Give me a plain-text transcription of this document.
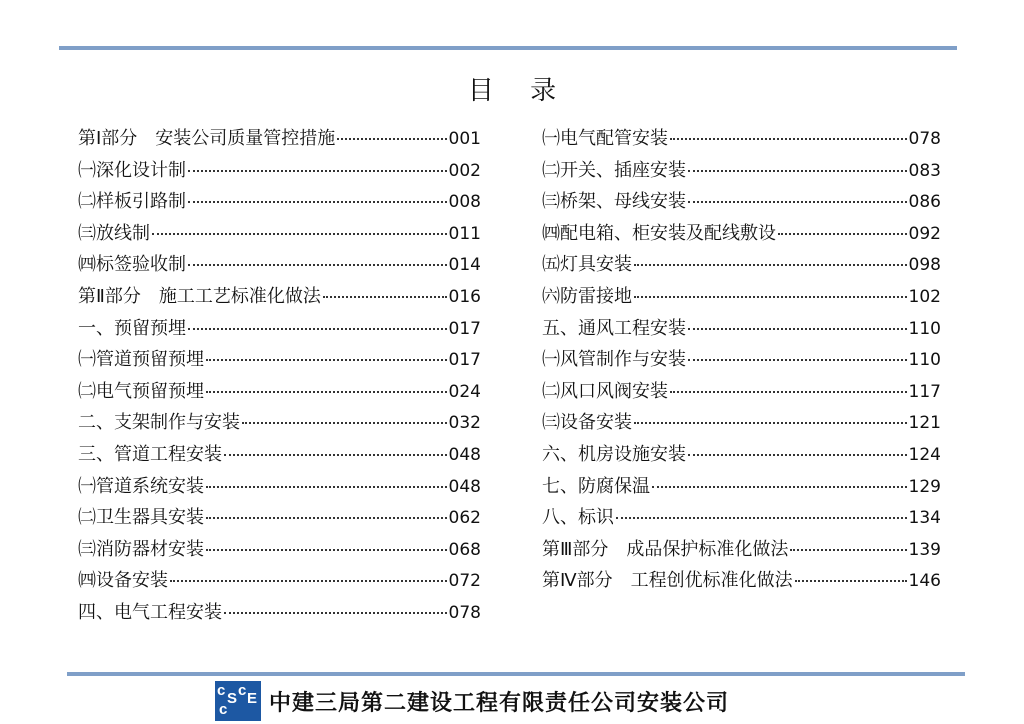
目 录
第Ⅰ部分　安装公司质量管控措施	001
㈠深化设计制	002
㈡样板引路制	008
㈢放线制	011
㈣标签验收制	014
第Ⅱ部分　施工工艺标准化做法	016
一、预留预埋	017
㈠管道预留预埋	017
㈡电气预留预埋	024
二、支架制作与安装	032
三、管道工程安装	048
㈠管道系统安装	048
㈡卫生器具安装	062
㈢消防器材安装	068
㈣设备安装	072
四、电气工程安装	078
㈠电气配管安装	078
㈡开关、插座安装	083
㈢桥架、母线安装	086
㈣配电箱、柜安装及配线敷设	092
㈤灯具安装	098
㈥防雷接地	102
五、通风工程安装	110
㈠风管制作与安装	110
㈡风口风阀安装	117
㈢设备安装	121
六、机房设施安装	124
七、防腐保温	129
八、标识	134
第Ⅲ部分　成品保护标准化做法	139
第Ⅳ部分　工程创优标准化做法	146
c S c E
c 中建三局第二建设工程有限责任公司安装公司
